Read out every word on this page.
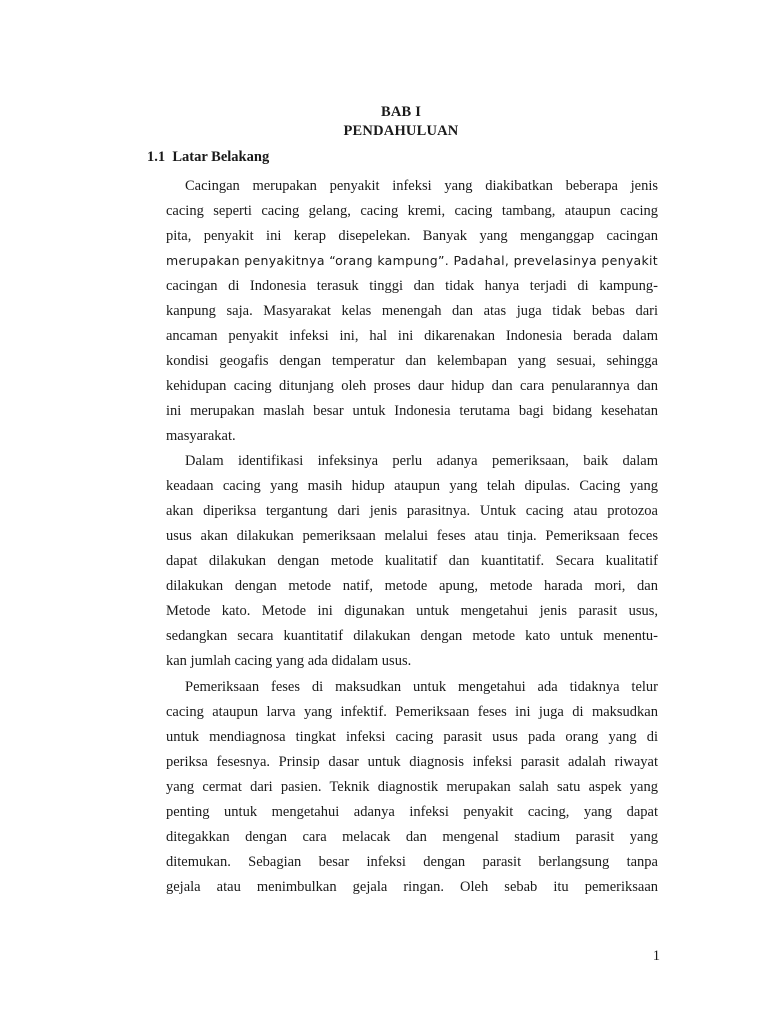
BAB I
PENDAHULUAN
1.1  Latar Belakang
Cacingan merupakan penyakit infeksi yang diakibatkan beberapa jenis
cacing seperti cacing gelang, cacing kremi, cacing tambang, ataupun cacing
pita, penyakit ini kerap disepelekan. Banyak yang menganggap cacingan
merupakan penyakitnya “orang kampung”. Padahal, prevelasinya penyakit
cacingan di Indonesia terasuk tinggi dan tidak hanya terjadi di kampung-
kanpung saja. Masyarakat kelas menengah dan atas juga tidak bebas dari
ancaman penyakit infeksi ini, hal ini dikarenakan Indonesia berada dalam
kondisi geogafis dengan temperatur dan kelembapan yang sesuai, sehingga
kehidupan cacing ditunjang oleh proses daur hidup dan cara penularannya dan
ini merupakan maslah besar untuk Indonesia terutama bagi bidang kesehatan
masyarakat.
Dalam identifikasi infeksinya perlu adanya pemeriksaan, baik dalam
keadaan cacing yang masih hidup ataupun yang telah dipulas. Cacing yang
akan diperiksa tergantung dari jenis parasitnya. Untuk cacing atau protozoa
usus akan dilakukan pemeriksaan melalui feses atau tinja. Pemeriksaan feces
dapat dilakukan dengan metode kualitatif dan kuantitatif. Secara kualitatif
dilakukan dengan metode natif, metode apung, metode harada mori, dan
Metode kato. Metode ini digunakan untuk mengetahui jenis parasit usus,
sedangkan secara kuantitatif dilakukan dengan metode kato untuk menentu-
kan jumlah cacing yang ada didalam usus.
Pemeriksaan feses di maksudkan untuk mengetahui ada tidaknya telur
cacing ataupun larva yang infektif. Pemeriksaan feses ini juga di maksudkan
untuk mendiagnosa tingkat infeksi cacing parasit usus pada orang yang di
periksa fesesnya. Prinsip dasar untuk diagnosis infeksi parasit adalah riwayat
yang cermat dari pasien. Teknik diagnostik merupakan salah satu aspek yang
penting untuk mengetahui adanya infeksi penyakit cacing, yang dapat
ditegakkan dengan cara melacak dan mengenal stadium parasit yang
ditemukan. Sebagian besar infeksi dengan parasit berlangsung tanpa
gejala atau menimbulkan gejala ringan. Oleh sebab itu pemeriksaan
1
